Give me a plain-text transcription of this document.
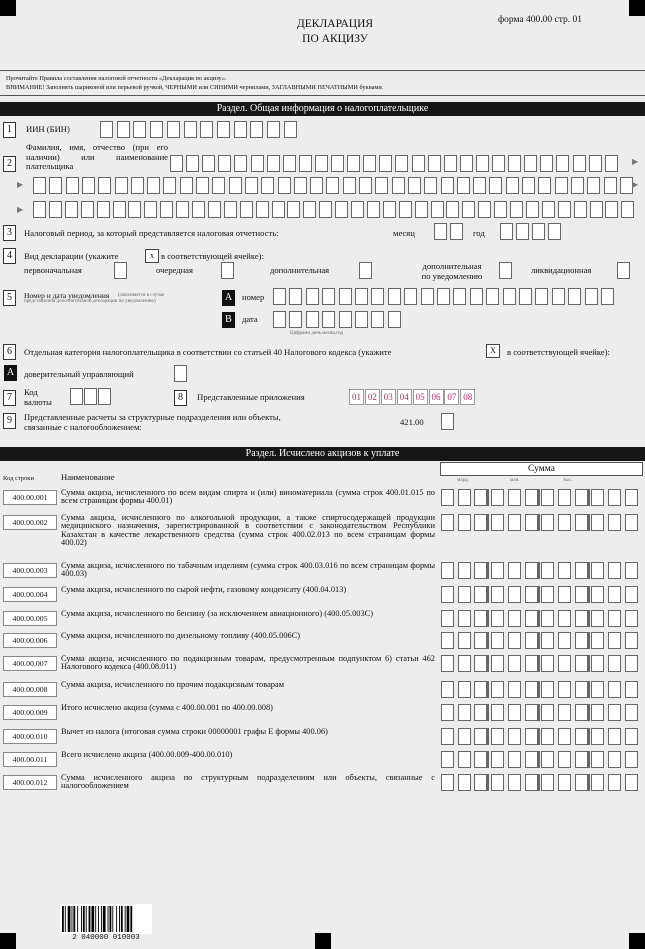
ДЕКЛАРАЦИЯ
ПО АКЦИЗУ
форма 400.00 стр. 01
Прочитайте Правила составления налоговой отчетности «Декларация по акцизу».
ВНИМАНИЕ! Заполнять шариковой или перьевой ручкой, ЧЕРНЫМИ или СИНИМИ чернилами, ЗАГЛАВНЫМИ ПЕЧАТНЫМИ буквами.
Раздел. Общая информация о налогоплательщике
1	ИИН (БИН)
2
Фамилия, имя, отчество (при его наличии) или наименование плательщика	▶
▶	▶
▶
3	Налоговый период, за который представляется налоговая отчетность:	месяц	год
4	Вид декларации (укажите	x в соответствующей ячейке):
первоначальная	очередная	дополнительная	дополнительная
по уведомлению
ликвидационная
5	Номер и дата уведомления (заполняется в случае
представления дополнительной декларации по уведомлению)	A	номер
B	дата
Цифрами день.месяц.год
6	Отдельная категория налогоплательщика в соответствии со статьей 40 Налогового кодекса (укажите	X	в соответствующей ячейке):
A	доверительный управляющий
7	Код
валюты	8	Представленные приложения	01 02 03 04 05 06 07 08
9	Представленные расчеты за структурные подразделения или объекты,
связанные с налогообложением:	421.00
Раздел. Исчислено акцизов к уплате
Код строки	Наименование
Сумма
млрд.	млн.	тыс.
400.00.001
Сумма акциза, исчисленного по всем видам спирта и (или) виноматериала (сумма строк 400.01.015 по всем страницам формы 400.01)
400.00.002
Сумма акциза, исчисленного по алкогольной продукции, а также спиртосодержащей продукции медицинского назначения, зарегистрированной в соответствии с законодательством Республики Казахстан в качестве лекарственного средства (сумма строк 400.02.013 по всем страницам формы 400.02)
400.00.003
Сумма акциза, исчисленного по табачным изделиям (сумма строк 400.03.016 по всем страницам формы 400.03)
400.00.004
Сумма акциза, исчисленного по сырой нефти, газовому конденсату (400.04.013)
400.00.005
Сумма акциза, исчисленного по бензину (за исключением авиационного) (400.05.003С)
400.00.006
Сумма акциза, исчисленного по дизельному топливу (400.05.006С)
400.00.007
Сумма акциза, исчисленного по подакцизным товарам, предусмотренным подпунктом 6) статьи 462 Налогового кодекса (400.08.011)
400.00.008
Сумма акциза, исчисленного по прочим подакцизным товарам
400.00.009
Итого исчислено акциза (сумма с 400.00.001 по 400.00.008)
400.00.010
Вычет из налога (итоговая сумма строки 00000001 графы E формы 400.06)
400.00.011
Всего исчислено акциза (400.00.009-400.00.010)
400.00.012
Сумма исчисленного акциза по структурным подразделениям или объекты, связанные с налогообложением
2 040000 010003
